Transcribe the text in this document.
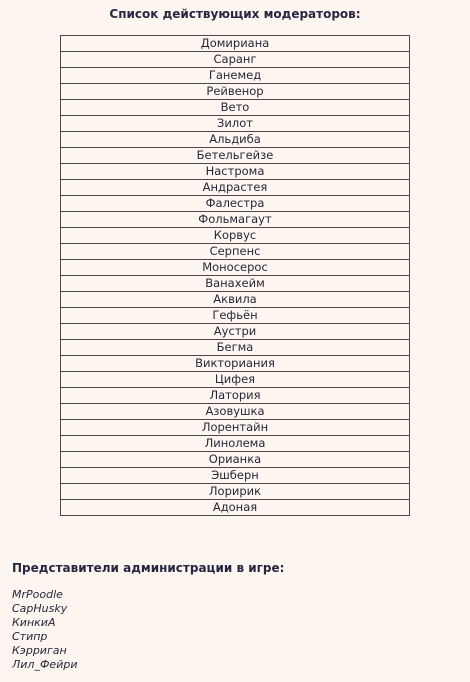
Список действующих модераторов:
Домириана
Саранг
Ганемед
Рейвенор
Вето
Зилот
Альдиба
Бетельгейзе
Настрома
Андрастея
Фалестра
Фольмагаут
Корвус
Серпенс
Моносерос
Ванахейм
Аквила
Гефьён
Аустри
Бегма
Викториания
Цифея
Латория
Азовушка
Лорентайн
Линолема
Орианка
Эшберн
Лоририк
Адоная
Представители администрации в игре:
MrPoodle
CapHusky
КинкиА
Стипр
Кэрриган
Лил_Фейри
